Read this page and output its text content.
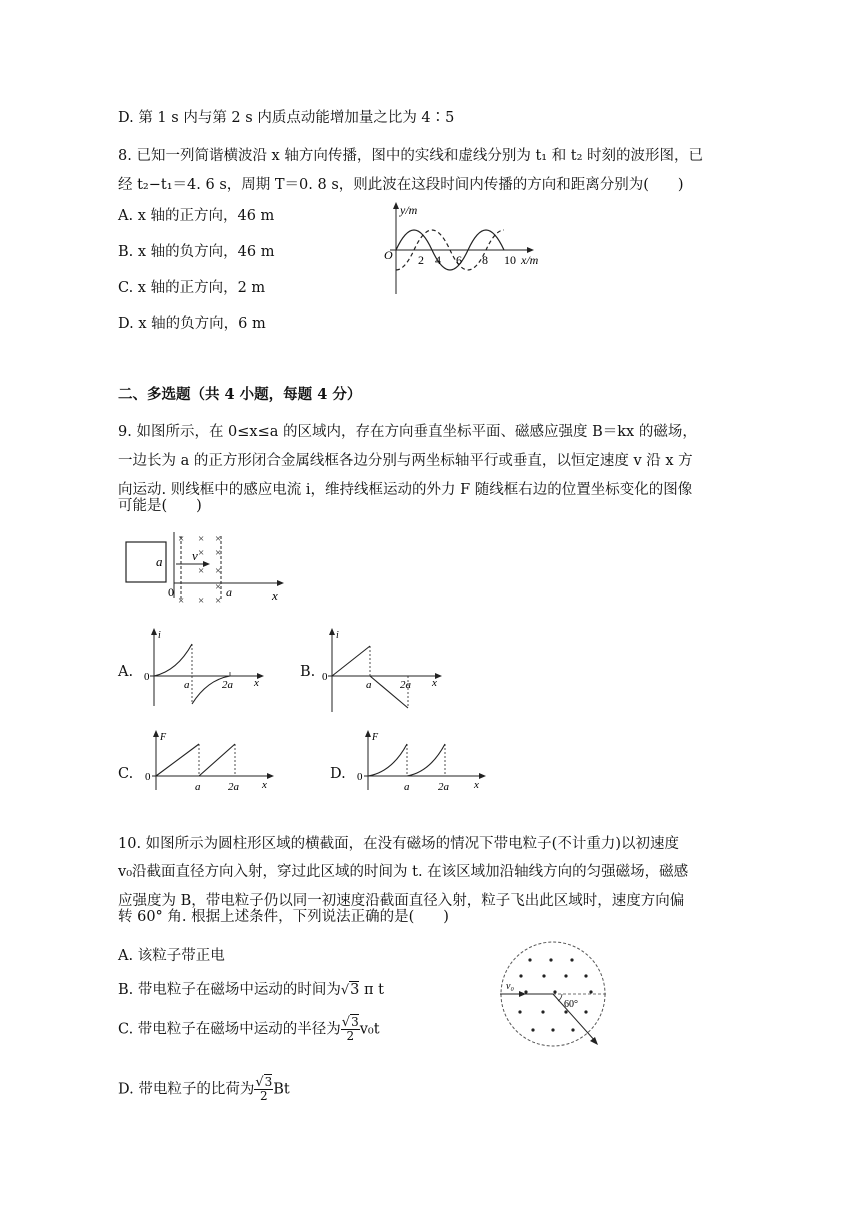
D. 第 1 s 内与第 2 s 内质点动能增加量之比为 4∶5
8. 已知一列简谐横波沿 x 轴方向传播，图中的实线和虚线分别为 t₁ 和 t₂ 时刻的波形图，已
经 t₂−t₁＝4. 6 s，周期 T＝0. 8 s，则此波在这段时间内传播的方向和距离分别为(　　)
A. x 轴的正方向，46 m
B. x 轴的负方向，46 m
C. x 轴的正方向，2 m
D. x 轴的负方向，6 m
y/m
O 2 4 6 8 10 x/m
二、多选题（共 4 小题，每题 4 分）
9. 如图所示，在 0≤x≤a 的区域内，存在方向垂直坐标平面、磁感应强度 B＝kx 的磁场，
一边长为 a 的正方形闭合金属线框各边分别与两坐标轴平行或垂直，以恒定速度 v 沿 x 方
向运动. 则线框中的感应电流 i，维持线框运动的外力 F 随线框右边的位置坐标变化的图像
可能是(　　)
a v
× × ×
× ×
× ×
×
× × ×
0	a	x
A.
i
0
a	2a x
B.
i
0
a	2a x
C.
F
0
a	2a x
D.
F
0
a	2a x
10. 如图所示为圆柱形区域的横截面，在没有磁场的情况下带电粒子(不计重力)以初速度
v₀沿截面直径方向入射，穿过此区域的时间为 t. 在该区域加沿轴线方向的匀强磁场，磁感
应强度为 B，带电粒子仍以同一初速度沿截面直径入射，粒子飞出此区域时，速度方向偏
转 60° 角. 根据上述条件，下列说法正确的是(　　)
A. 该粒子带正电
B. 带电粒子在磁场中运动的时间为√3 π t
C. 带电粒子在磁场中运动的半径为 $\frac{√3}{2} v_0t$
D. 带电粒子的比荷为 $\frac{√3}{2}$ Bt
v₀
60°
